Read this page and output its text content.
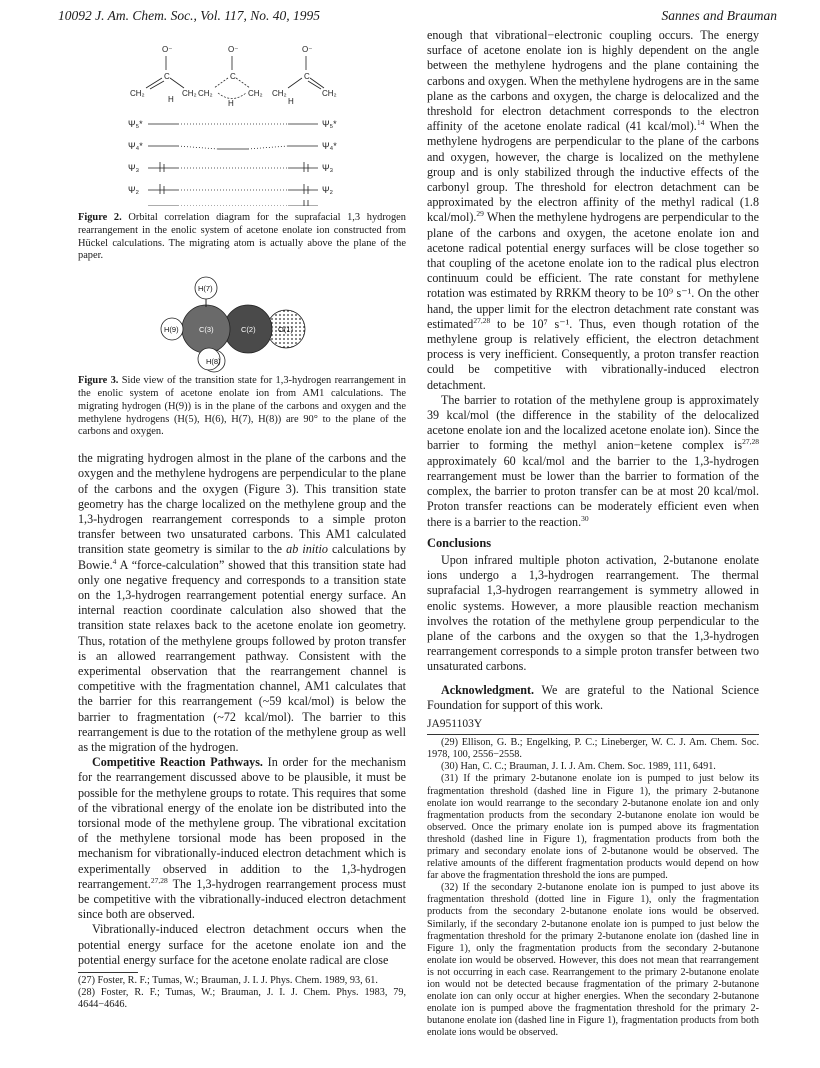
10092 J. Am. Chem. Soc., Vol. 117, No. 40, 1995	Sannes and Brauman
O⁻
C
CH₂	CH₂
H
O⁻
C
CH₂	CH₂
H
O⁻
C
CH₂	CH₂
H
Ψ₅*
Ψ₄*
Ψ₃
Ψ₂
Ψ₅*
Ψ₄*
Ψ₃
Ψ₂

Figure 2. Orbital correlation diagram for the suprafacial 1,3 hydrogen rearrangement in the enolic system of acetone enolate ion constructed from Hückel calculations. The migrating atom is actually above the plane of the paper.

H(7)
H(9)	C(3)	C(2)	O(1)
H(8)

Figure 3. Side view of the transition state for 1,3-hydrogen rearrangement in the enolic system of acetone enolate ion from AM1 calculations. The migrating hydrogen (H(9)) is in the plane of the carbons and oxygen and the methylene hydrogens (H(5), H(6), H(7), H(8)) are 90° to the plane of the carbons and oxygen.

the migrating hydrogen almost in the plane of the carbons and the oxygen and the methylene hydrogens are perpendicular to the plane of the carbons and the oxygen (Figure 3). This transition state geometry has the charge localized on the methylene group and the 1,3-hydrogen rearrangement corresponds to a simple proton transfer between two unsaturated carbons. This AM1 calculated transition state geometry is similar to the ab initio calculations by Bowie.$^4$ A “force-calculation” showed that this transition state had only one negative frequency and corresponds to a transition state on the 1,3-hydrogen rearrangement potential energy surface. An internal reaction coordinate calculation also showed that the transition state relaxes back to the acetone enolate ion geometry. Thus, rotation of the methylene groups followed by proton transfer is an allowed rearrangement pathway. Consistent with the experimental observation that the rearrangement channel is competitive with the fragmentation channel, AM1 calculates that the barrier for this rearrangement (~59 kcal/mol) is below the barrier to fragmentation (~72 kcal/mol). The barrier to this rearrangement is due to the rotation of the methylene group as well as the migration of the hydrogen.

Competitive Reaction Pathways. In order for the mechanism for the rearrangement discussed above to be plausible, it must be possible for the methylene groups to rotate. This requires that some of the vibrational energy of the enolate ion be distributed into the torsional mode of the methylene group. The vibrational excitation of the methylene torsional mode has been proposed in the mechanism for vibrationally-induced electron detachment which is experimentally observed in addition to the 1,3-hydrogen rearrangement.$^{27,28}$ The 1,3-hydrogen rearrangement process must be competitive with the vibrationally-induced electron detachment since both are observed.

Vibrationally-induced electron detachment occurs when the potential energy surface for the acetone enolate ion and the potential energy surface for the acetone enolate radical are close

(27) Foster, R. F.; Tumas, W.; Brauman, J. I. J. Phys. Chem. 1989, 93, 61.

(28) Foster, R. F.; Tumas, W.; Brauman, J. I. J. Chem. Phys. 1983, 79, 4644−4646.

enough that vibrational−electronic coupling occurs. The energy surface of acetone enolate ion is highly dependent on the angle between the methylene hydrogens and the plane containing the carbons and oxygen. When the methylene hydrogens are in the same plane as the carbons and oxygen, the charge is delocalized and the threshold for electron detachment corresponds to the electron affinity of the acetone enolate radical (41 kcal/mol).$^{14}$ When the methylene hydrogens are perpendicular to the plane of the carbons and oxygen, however, the charge is localized on the methylene group and is only stabilized through the inductive effects of the carbonyl group. The threshold for electron detachment can be approximated by the electron affinity of the methyl radical (1.8 kcal/mol).$^{29}$ When the methylene hydrogens are perpendicular to the plane of the carbons and oxygen, the acetone enolate ion and acetone radical potential energy surfaces will be close together so that coupling of the acetone enolate ion to the radical plus electron continuum could be efficient. The rate constant for methylene rotation was estimated by RRKM theory to be 10⁹ s⁻¹. On the other hand, the upper limit for the electron detachment rate constant was estimated$^{27,28}$ to be 10⁷ s⁻¹. Thus, even though rotation of the methylene group is relatively efficient, the electron detachment process is very inefficient. Consequently, a proton transfer reaction could be competitive with vibrationally-induced electron detachment.

The barrier to rotation of the methylene group is approximately 39 kcal/mol (the difference in the stability of the delocalized acetone enolate ion and the localized acetone enolate ion). Since the barrier to forming the methyl anion−ketene complex is$^{27,28}$ approximately 60 kcal/mol and the barrier to the 1,3-hydrogen rearrangement must be lower than the barrier to formation of the complex, the barrier to proton transfer can be at most 20 kcal/mol. Proton transfer reactions can be moderately efficient even when there is a barrier to the reaction.$^{30}$

Conclusions

Upon infrared multiple photon activation, 2-butanone enolate ions undergo a 1,3-hydrogen rearrangement. The thermal suprafacial 1,3-hydrogen rearrangement is symmetry allowed in enolic systems. However, a more plausible reaction mechanism involves the rotation of the methylene group perpendicular to the plane of the carbons and the oxygen so that the 1,3-hydrogen rearrangement corresponds to a simple proton transfer between two unsaturated carbons.

Acknowledgment. We are grateful to the National Science Foundation for support of this work.

JA951103Y

(29) Ellison, G. B.; Engelking, P. C.; Lineberger, W. C. J. Am. Chem. Soc. 1978, 100, 2556−2558.

(30) Han, C. C.; Brauman, J. I. J. Am. Chem. Soc. 1989, 111, 6491.

(31) If the primary 2-butanone enolate ion is pumped to just below its fragmentation threshold (dashed line in Figure 1), the primary 2-butanone enolate ion would rearrange to the secondary 2-butanone enolate ion and only fragmentation products from the secondary 2-butanone enolate ion would be observed. Once the primary enolate ion is pumped above its fragmentation threshold (dashed line in Figure 1), fragmentation products from both the primary and secondary enolate ions of 2-butanone would be observed. The relative amounts of the different fragmentation products would depend on how far above the fragmentation threshold the ions are pumped.

(32) If the secondary 2-butanone enolate ion is pumped to just above its fragmentation threshold (dotted line in Figure 1), only the fragmentation products from the secondary 2-butanone enolate ions would be observed. Similarly, if the secondary 2-butanone enolate ion is pumped to just below the fragmentation threshold for the primary 2-butanone enolate ion (dashed line in Figure 1), only the fragmentation products from the secondary 2-butanone enolate ion would be observed. However, this does not mean that rearrangement is not occurring in each case. Rearrangement to the primary 2-butanone enolate ion would not be detected because fragmentation of the primary 2-butanone enolate ion can only occur at higher energies. When the secondary 2-butanone enolate ion is pumped above the fragmentation threshold for the primary 2-butanone enolate ion (dashed line in Figure 1), fragmentation products from both enolate ions would be observed.
